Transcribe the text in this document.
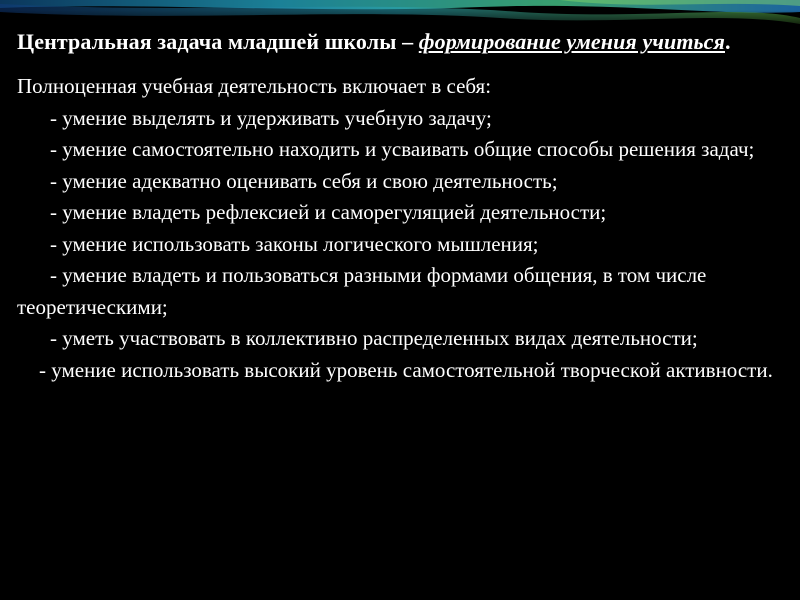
Центральная задача младшей школы – формирование умения учиться.

Полноценная учебная деятельность включает в себя:

- умение выделять и удерживать учебную задачу;
- умение самостоятельно находить и усваивать общие способы решения задач;
- умение адекватно оценивать себя и свою деятельность;
- умение владеть рефлексией и саморегуляцией деятельности;
- умение использовать законы логического мышления;
- умение владеть и пользоваться разными формами общения, в том числе теоретическими;
- уметь участвовать в коллективно распределенных видах деятельности;
- умение использовать высокий уровень самостоятельной творческой активности.
